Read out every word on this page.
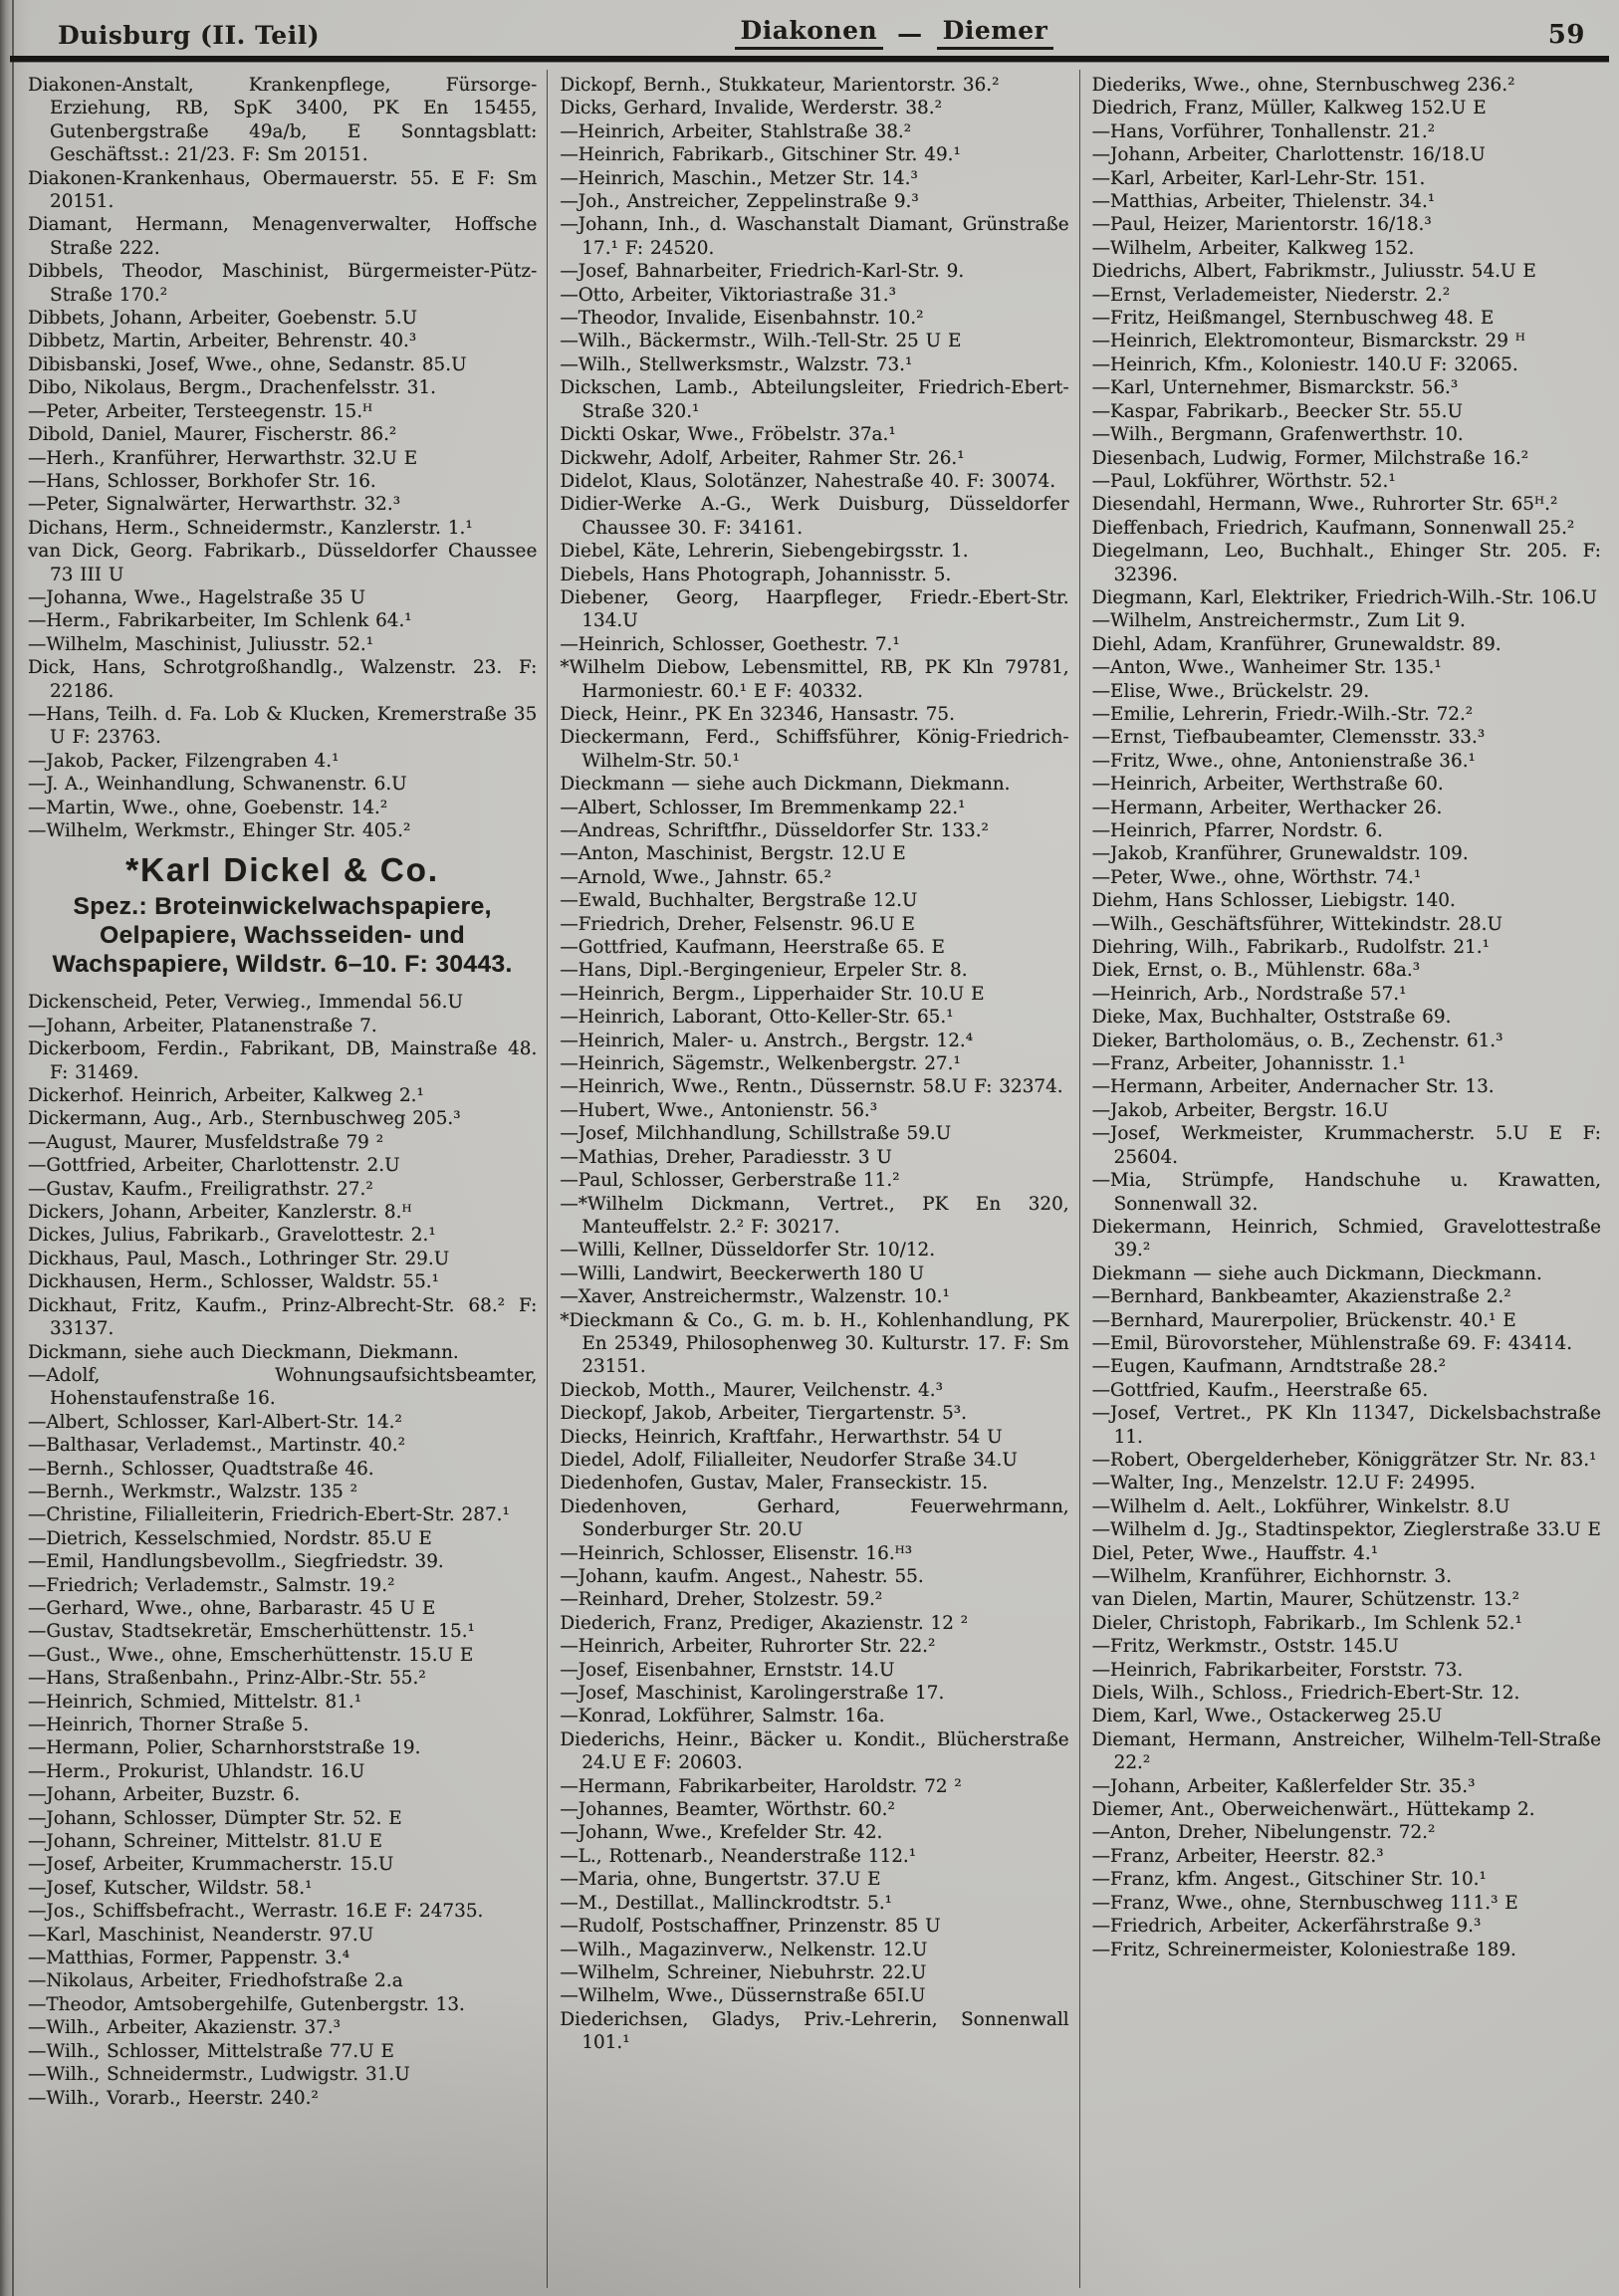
Duisburg (II. Teil)	Diakonen — Diemer	59

Diakonen-Anstalt, Krankenpflege, Fürsorge-Erziehung, RB, SpK 3400, PK En 15455, Gutenbergstraße 49a/b, E Sonntagsblatt: Geschäftsst.: 21/23. F: Sm 20151.

Diakonen-Krankenhaus, Obermauerstr. 55. E F: Sm 20151.

Diamant, Hermann, Menagenverwalter, Hoffsche Straße 222.

Dibbels, Theodor, Maschinist, Bürgermeister-Pütz-Straße 170.²

Dibbets, Johann, Arbeiter, Goebenstr. 5.U

Dibbetz, Martin, Arbeiter, Behrenstr. 40.³

Dibisbanski, Josef, Wwe., ohne, Sedanstr. 85.U

Dibo, Nikolaus, Bergm., Drachenfelsstr. 31.

—Peter, Arbeiter, Tersteegenstr. 15.ᴴ

Dibold, Daniel, Maurer, Fischerstr. 86.²

—Herh., Kranführer, Herwarthstr. 32.U E

—Hans, Schlosser, Borkhofer Str. 16.

—Peter, Signalwärter, Herwarthstr. 32.³

Dichans, Herm., Schneidermstr., Kanzlerstr. 1.¹

van Dick, Georg. Fabrikarb., Düsseldorfer Chaussee 73 III U

—Johanna, Wwe., Hagelstraße 35 U

—Herm., Fabrikarbeiter, Im Schlenk 64.¹

—Wilhelm, Maschinist, Juliusstr. 52.¹

Dick, Hans, Schrotgroßhandlg., Walzenstr. 23. F: 22186.

—Hans, Teilh. d. Fa. Lob & Klucken, Kremerstraße 35 U F: 23763.

—Jakob, Packer, Filzengraben 4.¹

—J. A., Weinhandlung, Schwanenstr. 6.U

—Martin, Wwe., ohne, Goebenstr. 14.²

—Wilhelm, Werkmstr., Ehinger Str. 405.²

*Karl Dickel & Co.

Spez.: Broteinwickelwachspapiere,

Oelpapiere, Wachsseiden- und

Wachspapiere, Wildstr. 6–10. F: 30443.

Dickenscheid, Peter, Verwieg., Immendal 56.U

—Johann, Arbeiter, Platanenstraße 7.

Dickerboom, Ferdin., Fabrikant, DB, Mainstraße 48. F: 31469.

Dickerhof. Heinrich, Arbeiter, Kalkweg 2.¹

Dickermann, Aug., Arb., Sternbuschweg 205.³

—August, Maurer, Musfeldstraße 79 ²

—Gottfried, Arbeiter, Charlottenstr. 2.U

—Gustav, Kaufm., Freiligrathstr. 27.²

Dickers, Johann, Arbeiter, Kanzlerstr. 8.ᴴ

Dickes, Julius, Fabrikarb., Gravelottestr. 2.¹

Dickhaus, Paul, Masch., Lothringer Str. 29.U

Dickhausen, Herm., Schlosser, Waldstr. 55.¹

Dickhaut, Fritz, Kaufm., Prinz-Albrecht-Str. 68.² F: 33137.

Dickmann, siehe auch Dieckmann, Diekmann.

—Adolf, Wohnungsaufsichtsbeamter, Hohenstaufenstraße 16.

—Albert, Schlosser, Karl-Albert-Str. 14.²

—Balthasar, Verlademst., Martinstr. 40.²

—Bernh., Schlosser, Quadtstraße 46.

—Bernh., Werkmstr., Walzstr. 135 ²

—Christine, Filialleiterin, Friedrich-Ebert-Str. 287.¹

—Dietrich, Kesselschmied, Nordstr. 85.U E

—Emil, Handlungsbevollm., Siegfriedstr. 39.

—Friedrich; Verlademstr., Salmstr. 19.²

—Gerhard, Wwe., ohne, Barbarastr. 45 U E

—Gustav, Stadtsekretär, Emscherhüttenstr. 15.¹

—Gust., Wwe., ohne, Emscherhüttenstr. 15.U E

—Hans, Straßenbahn., Prinz-Albr.-Str. 55.²

—Heinrich, Schmied, Mittelstr. 81.¹

—Heinrich, Thorner Straße 5.

—Hermann, Polier, Scharnhorststraße 19.

—Herm., Prokurist, Uhlandstr. 16.U

—Johann, Arbeiter, Buzstr. 6.

—Johann, Schlosser, Dümpter Str. 52. E

—Johann, Schreiner, Mittelstr. 81.U E

—Josef, Arbeiter, Krummacherstr. 15.U

—Josef, Kutscher, Wildstr. 58.¹

—Jos., Schiffsbefracht., Werrastr. 16.E F: 24735.

—Karl, Maschinist, Neanderstr. 97.U

—Matthias, Former, Pappenstr. 3.⁴

—Nikolaus, Arbeiter, Friedhofstraße 2.a

—Theodor, Amtsobergehilfe, Gutenbergstr. 13.

—Wilh., Arbeiter, Akazienstr. 37.³

—Wilh., Schlosser, Mittelstraße 77.U E

—Wilh., Schneidermstr., Ludwigstr. 31.U

—Wilh., Vorarb., Heerstr. 240.²

Dickopf, Bernh., Stukkateur, Marientorstr. 36.²

Dicks, Gerhard, Invalide, Werderstr. 38.²

—Heinrich, Arbeiter, Stahlstraße 38.²

—Heinrich, Fabrikarb., Gitschiner Str. 49.¹

—Heinrich, Maschin., Metzer Str. 14.³

—Joh., Anstreicher, Zeppelinstraße 9.³

—Johann, Inh., d. Waschanstalt Diamant, Grünstraße 17.¹ F: 24520.

—Josef, Bahnarbeiter, Friedrich-Karl-Str. 9.

—Otto, Arbeiter, Viktoriastraße 31.³

—Theodor, Invalide, Eisenbahnstr. 10.²

—Wilh., Bäckermstr., Wilh.-Tell-Str. 25 U E

—Wilh., Stellwerksmstr., Walzstr. 73.¹

Dickschen, Lamb., Abteilungsleiter, Friedrich-Ebert-Straße 320.¹

Dickti Oskar, Wwe., Fröbelstr. 37a.¹

Dickwehr, Adolf, Arbeiter, Rahmer Str. 26.¹

Didelot, Klaus, Solotänzer, Nahestraße 40. F: 30074.

Didier-Werke A.-G., Werk Duisburg, Düsseldorfer Chaussee 30. F: 34161.

Diebel, Käte, Lehrerin, Siebengebirgsstr. 1.

Diebels, Hans Photograph, Johannisstr. 5.

Diebener, Georg, Haarpfleger, Friedr.-Ebert-Str. 134.U

—Heinrich, Schlosser, Goethestr. 7.¹

*Wilhelm Diebow, Lebensmittel, RB, PK Kln 79781, Harmoniestr. 60.¹ E F: 40332.

Dieck, Heinr., PK En 32346, Hansastr. 75.

Dieckermann, Ferd., Schiffsführer, König-Friedrich-Wilhelm-Str. 50.¹

Dieckmann — siehe auch Dickmann, Diekmann.

—Albert, Schlosser, Im Bremmenkamp 22.¹

—Andreas, Schriftfhr., Düsseldorfer Str. 133.²

—Anton, Maschinist, Bergstr. 12.U E

—Arnold, Wwe., Jahnstr. 65.²

—Ewald, Buchhalter, Bergstraße 12.U

—Friedrich, Dreher, Felsenstr. 96.U E

—Gottfried, Kaufmann, Heerstraße 65. E

—Hans, Dipl.-Bergingenieur, Erpeler Str. 8.

—Heinrich, Bergm., Lipperhaider Str. 10.U E

—Heinrich, Laborant, Otto-Keller-Str. 65.¹

—Heinrich, Maler- u. Anstrch., Bergstr. 12.⁴

—Heinrich, Sägemstr., Welkenbergstr. 27.¹

—Heinrich, Wwe., Rentn., Düssernstr. 58.U F: 32374.

—Hubert, Wwe., Antonienstr. 56.³

—Josef, Milchhandlung, Schillstraße 59.U

—Mathias, Dreher, Paradiesstr. 3 U

—Paul, Schlosser, Gerberstraße 11.²

—*Wilhelm Dickmann, Vertret., PK En 320, Manteuffelstr. 2.² F: 30217.

—Willi, Kellner, Düsseldorfer Str. 10/12.

—Willi, Landwirt, Beeckerwerth 180 U

—Xaver, Anstreichermstr., Walzenstr. 10.¹

*Dieckmann & Co., G. m. b. H., Kohlenhandlung, PK En 25349, Philosophenweg 30. Kulturstr. 17. F: Sm 23151.

Dieckob, Motth., Maurer, Veilchenstr. 4.³

Dieckopf, Jakob, Arbeiter, Tiergartenstr. 5³.

Diecks, Heinrich, Kraftfahr., Herwarthstr. 54 U

Diedel, Adolf, Filialleiter, Neudorfer Straße 34.U

Diedenhofen, Gustav, Maler, Franseckistr. 15.

Diedenhoven, Gerhard, Feuerwehrmann, Sonderburger Str. 20.U

—Heinrich, Schlosser, Elisenstr. 16.ᴴ³

—Johann, kaufm. Angest., Nahestr. 55.

—Reinhard, Dreher, Stolzestr. 59.²

Diederich, Franz, Prediger, Akazienstr. 12 ²

—Heinrich, Arbeiter, Ruhrorter Str. 22.²

—Josef, Eisenbahner, Ernststr. 14.U

—Josef, Maschinist, Karolingerstraße 17.

—Konrad, Lokführer, Salmstr. 16a.

Diederichs, Heinr., Bäcker u. Kondit., Blücherstraße 24.U E F: 20603.

—Hermann, Fabrikarbeiter, Haroldstr. 72 ²

—Johannes, Beamter, Wörthstr. 60.²

—Johann, Wwe., Krefelder Str. 42.

—L., Rottenarb., Neanderstraße 112.¹

—Maria, ohne, Bungertstr. 37.U E

—M., Destillat., Mallinckrodtstr. 5.¹

—Rudolf, Postschaffner, Prinzenstr. 85 U

—Wilh., Magazinverw., Nelkenstr. 12.U

—Wilhelm, Schreiner, Niebuhrstr. 22.U

—Wilhelm, Wwe., Düssernstraße 65I.U

Diederichsen, Gladys, Priv.-Lehrerin, Sonnenwall 101.¹

Diederiks, Wwe., ohne, Sternbuschweg 236.²

Diedrich, Franz, Müller, Kalkweg 152.U E

—Hans, Vorführer, Tonhallenstr. 21.²

—Johann, Arbeiter, Charlottenstr. 16/18.U

—Karl, Arbeiter, Karl-Lehr-Str. 151.

—Matthias, Arbeiter, Thielenstr. 34.¹

—Paul, Heizer, Marientorstr. 16/18.³

—Wilhelm, Arbeiter, Kalkweg 152.

Diedrichs, Albert, Fabrikmstr., Juliusstr. 54.U E

—Ernst, Verlademeister, Niederstr. 2.²

—Fritz, Heißmangel, Sternbuschweg 48. E

—Heinrich, Elektromonteur, Bismarckstr. 29 ᴴ

—Heinrich, Kfm., Koloniestr. 140.U F: 32065.

—Karl, Unternehmer, Bismarckstr. 56.³

—Kaspar, Fabrikarb., Beecker Str. 55.U

—Wilh., Bergmann, Grafenwerthstr. 10.

Diesenbach, Ludwig, Former, Milchstraße 16.²

—Paul, Lokführer, Wörthstr. 52.¹

Diesendahl, Hermann, Wwe., Ruhrorter Str. 65ᴴ.²

Dieffenbach, Friedrich, Kaufmann, Sonnenwall 25.²

Diegelmann, Leo, Buchhalt., Ehinger Str. 205. F: 32396.

Diegmann, Karl, Elektriker, Friedrich-Wilh.-Str. 106.U

—Wilhelm, Anstreichermstr., Zum Lit 9.

Diehl, Adam, Kranführer, Grunewaldstr. 89.

—Anton, Wwe., Wanheimer Str. 135.¹

—Elise, Wwe., Brückelstr. 29.

—Emilie, Lehrerin, Friedr.-Wilh.-Str. 72.²

—Ernst, Tiefbaubeamter, Clemensstr. 33.³

—Fritz, Wwe., ohne, Antonienstraße 36.¹

—Heinrich, Arbeiter, Werthstraße 60.

—Hermann, Arbeiter, Werthacker 26.

—Heinrich, Pfarrer, Nordstr. 6.

—Jakob, Kranführer, Grunewaldstr. 109.

—Peter, Wwe., ohne, Wörthstr. 74.¹

Diehm, Hans Schlosser, Liebigstr. 140.

—Wilh., Geschäftsführer, Wittekindstr. 28.U

Diehring, Wilh., Fabrikarb., Rudolfstr. 21.¹

Diek, Ernst, o. B., Mühlenstr. 68a.³

—Heinrich, Arb., Nordstraße 57.¹

Dieke, Max, Buchhalter, Oststraße 69.

Dieker, Bartholomäus, o. B., Zechenstr. 61.³

—Franz, Arbeiter, Johannisstr. 1.¹

—Hermann, Arbeiter, Andernacher Str. 13.

—Jakob, Arbeiter, Bergstr. 16.U

—Josef, Werkmeister, Krummacherstr. 5.U E F: 25604.

—Mia, Strümpfe, Handschuhe u. Krawatten, Sonnenwall 32.

Diekermann, Heinrich, Schmied, Gravelottestraße 39.²

Diekmann — siehe auch Dickmann, Dieckmann.

—Bernhard, Bankbeamter, Akazienstraße 2.²

—Bernhard, Maurerpolier, Brückenstr. 40.¹ E

—Emil, Bürovorsteher, Mühlenstraße 69. F: 43414.

—Eugen, Kaufmann, Arndtstraße 28.²

—Gottfried, Kaufm., Heerstraße 65.

—Josef, Vertret., PK Kln 11347, Dickelsbachstraße 11.

—Robert, Obergelderheber, Königgrätzer Str. Nr. 83.¹

—Walter, Ing., Menzelstr. 12.U F: 24995.

—Wilhelm d. Aelt., Lokführer, Winkelstr. 8.U

—Wilhelm d. Jg., Stadtinspektor, Zieglerstraße 33.U E

Diel, Peter, Wwe., Hauffstr. 4.¹

—Wilhelm, Kranführer, Eichhornstr. 3.

van Dielen, Martin, Maurer, Schützenstr. 13.²

Dieler, Christoph, Fabrikarb., Im Schlenk 52.¹

—Fritz, Werkmstr., Oststr. 145.U

—Heinrich, Fabrikarbeiter, Forststr. 73.

Diels, Wilh., Schloss., Friedrich-Ebert-Str. 12.

Diem, Karl, Wwe., Ostackerweg 25.U

Diemant, Hermann, Anstreicher, Wilhelm-Tell-Straße 22.²

—Johann, Arbeiter, Kaßlerfelder Str. 35.³

Diemer, Ant., Oberweichenwärt., Hüttekamp 2.

—Anton, Dreher, Nibelungenstr. 72.²

—Franz, Arbeiter, Heerstr. 82.³

—Franz, kfm. Angest., Gitschiner Str. 10.¹

—Franz, Wwe., ohne, Sternbuschweg 111.³ E

—Friedrich, Arbeiter, Ackerfährstraße 9.³

—Fritz, Schreinermeister, Koloniestraße 189.
